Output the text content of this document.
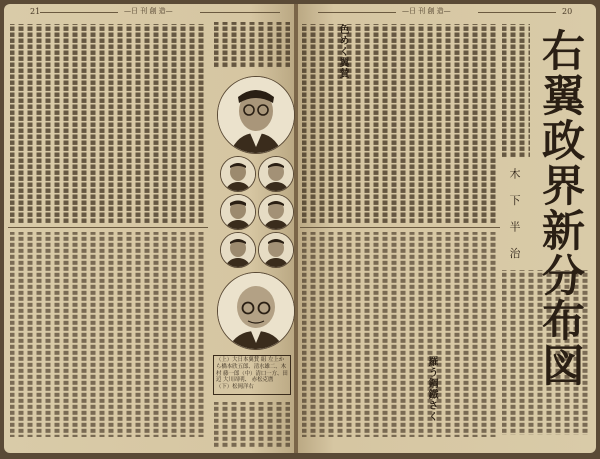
21	—日 刊 創 造—	—日 刊 創 造—	20
色めく翼賛
羅う鋼鐵さく
右翼政界新分布図
木 下 半 治
（上）大日本翼賛 組 左上から橋本欣五郎、清水雄二、木村 藤一郎（中）清口一方、田辺 大川周明、 赤松克麿 （下）松岡洋右
